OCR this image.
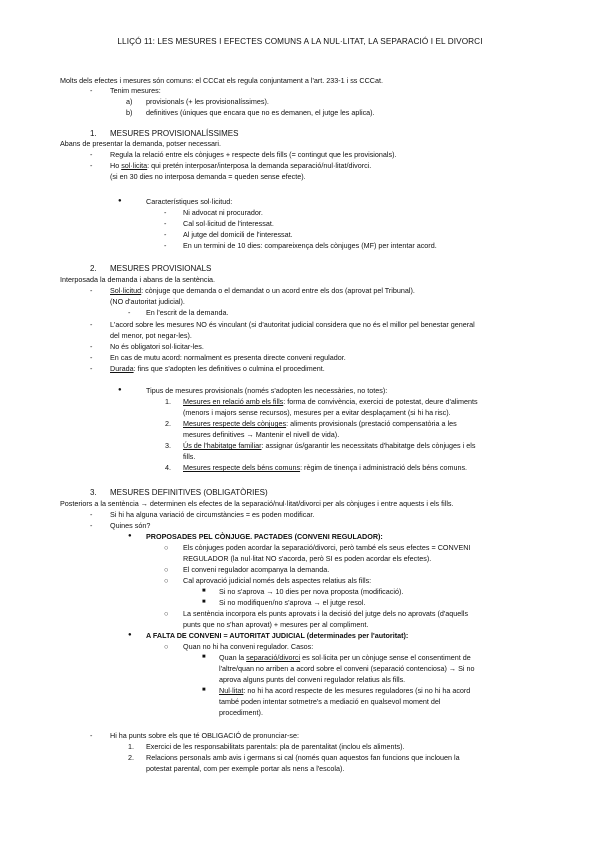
LLIÇÓ 11: LES MESURES I EFECTES COMUNS A LA NUL·LITAT, LA SEPARACIÓ I EL DIVORCI
Molts dels efectes i mesures són comuns: el CCCat els regula conjuntament a l'art. 233-1 i ss CCCat.
- Tenim mesures:
a) provisionals (+ les provisionalíssimes).
b) definitives (úniques que encara que no es demanen, el jutge les aplica).
1. MESURES PROVISIONALÍSSIMES
Abans de presentar la demanda, potser necessari.
- Regula la relació entre els cònjuges + respecte dels fills (= contingut que les provisionals).
- Ho sol·licita: qui pretén interposar/interposa la demanda separació/nul·litat/divorci.
(si en 30 dies no interposa demanda = queden sense efecte).
●	Característiques sol·licitud:
- Ni advocat ni procurador.
- Cal sol·licitud de l'interessat.
- Al jutge del domicili de l'interessat.
- En un termini de 10 dies: compareixença dels cònjuges (MF) per intentar acord.
2. MESURES PROVISIONALS
Interposada la demanda i abans de la sentència.
- Sol·licitud: cònjuge que demanda o el demandat o un acord entre els dos (aprovat pel Tribunal).
(NO d'autoritat judicial).
- En l'escrit de la demanda.
- L'acord sobre les mesures NO és vinculant (si d'autoritat judicial considera que no és el millor pel benestar general
del menor, pot negar-les).
- No és obligatori sol·licitar-les.
- En cas de mutu acord: normalment es presenta directe conveni regulador.
- Durada: fins que s'adopten les definitives o culmina el procediment.
●	Tipus de mesures provisionals (només s'adopten les necessàries, no totes):
1. Mesures en relació amb els fills: forma de convivència, exercici de potestat, deure d'aliments
(menors i majors sense recursos), mesures per a evitar desplaçament (si hi ha risc).
2. Mesures respecte dels cònjuges: aliments provisionals (prestació compensatòria a les
mesures definitives → Mantenir el nivell de vida).
3. Ús de l'habitatge familiar: assignar ús/garantir les necessitats d'habitatge dels cònjuges i els
fills.
4. Mesures respecte dels béns comuns: règim de tinença i administració dels béns comuns.
3. MESURES DEFINITIVES (OBLIGATÒRIES)
Posteriors a la sentència → determinen els efectes de la separació/nul·litat/divorci per als cònjuges i entre aquests i els fills.
- Si hi ha alguna variació de circumstàncies = es poden modificar.
- Quines són?
● PROPOSADES PEL CÒNJUGE. PACTADES (CONVENI REGULADOR):
○ Els cònjuges poden acordar la separació/divorci, però també els seus efectes = CONVENI
REGULADOR (la nul·litat NO s'acorda, però SI es poden acordar els efectes).
○ El conveni regulador acompanya la demanda.
○ Cal aprovació judicial només dels aspectes relatius als fills:
■ Si no s'aprova → 10 dies per nova proposta (modificació).
■ Si no modifiquen/no s'aprova → el jutge resol.
○ La sentència incorpora els punts aprovats i la decisió del jutge dels no aprovats (d'aquells
punts que no s'han aprovat) + mesures per al compliment.
● A FALTA DE CONVENI = AUTORITAT JUDICIAL (determinades per l'autoritat):
○ Quan no hi ha conveni regulador. Casos:
■ Quan la separació/divorci es sol·licita per un cònjuge sense el consentiment de
l'altre/quan no arriben a acord sobre el conveni (separació contenciosa) → Si no
aprova alguns punts del conveni regulador relatius als fills.
■ Nul·litat: no hi ha acord respecte de les mesures reguladores (si no hi ha acord
també poden intentar sotmetre's a mediació en qualsevol moment del
procediment).
- Hi ha punts sobre els que té OBLIGACIÓ de pronunciar-se:
1. Exercici de les responsabilitats parentals: pla de parentalitat (inclou els aliments).
2. Relacions personals amb avis i germans si cal (només quan aquestos fan funcions que inclouen la
potestat parental, com per exemple portar als nens a l'escola).
